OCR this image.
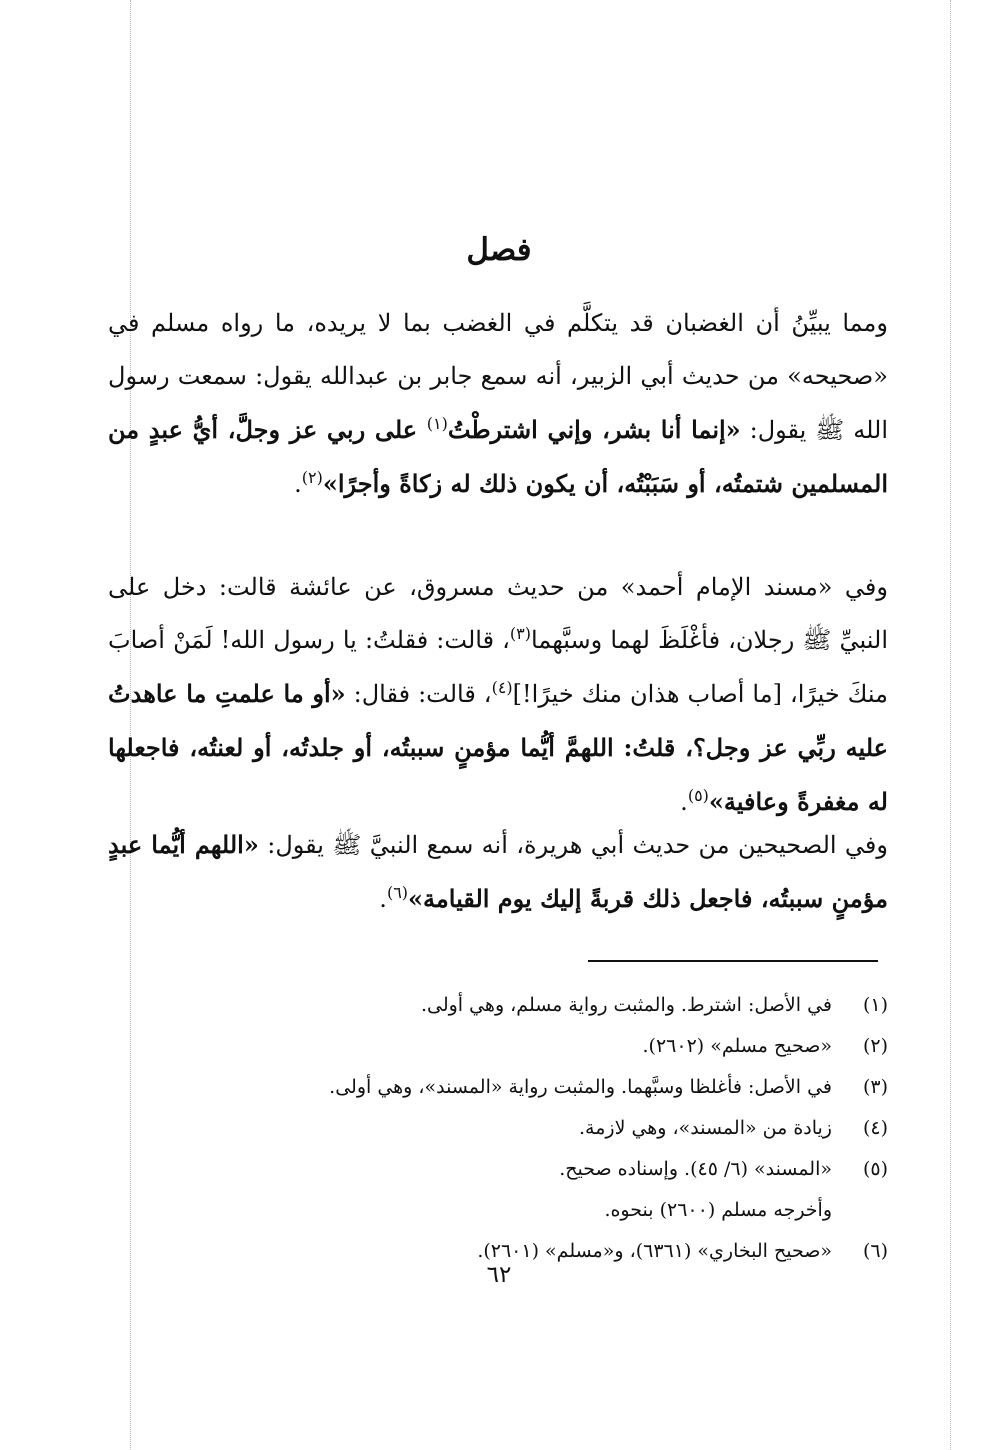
فصل

ومما يبيِّنُ أن الغضبان قد يتكلَّم في الغضب بما لا يريده، ما رواه مسلم في «صحيحه» من حديث أبي الزبير، أنه سمع جابر بن عبدالله يقول: سمعت رسول الله ﷺ يقول: «إنما أنا بشر، وإني اشترطْتُ$^{(١)}$ على ربي عز وجلَّ، أيُّ عبدٍ من المسلمين شتمتُه، أو سَبَبْتُه، أن يكون ذلك له زكاةً وأجرًا»$^{(٢)}$.

وفي «مسند الإمام أحمد» من حديث مسروق، عن عائشة قالت: دخل على النبيِّ ﷺ رجلان، فأغْلَظَ لهما وسبَّهما$^{(٣)}$، قالت: فقلتُ: يا رسول الله! لَمَنْ أصابَ منكَ خيرًا، [ما أصاب هذان منك خيرًا!]$^{(٤)}$، قالت: فقال: «أو ما علمتِ ما عاهدتُ عليه ربِّي عز وجل؟، قلتُ: اللهمَّ أيُّما مؤمنٍ سببتُه، أو جلدتُه، أو لعنتُه، فاجعلها له مغفرةً وعافية»$^{(٥)}$.

وفي الصحيحين من حديث أبي هريرة، أنه سمع النبيَّ ﷺ يقول: «اللهم أيُّما عبدٍ مؤمنٍ سببتُه، فاجعل ذلك قربةً إليك يوم القيامة»$^{(٦)}$.

(١)
في الأصل: اشترط. والمثبت رواية مسلم، وهي أولى.
(٢)
«صحيح مسلم» (٢٦٠٢).
(٣)
في الأصل: فأغلظا وسبَّهما. والمثبت رواية «المسند»، وهي أولى.
(٤)
زيادة من «المسند»، وهي لازمة.
(٥)
«المسند» (٦/ ٤٥). وإسناده صحيح.
وأخرجه مسلم (٢٦٠٠) بنحوه.
(٦)
«صحيح البخاري» (٦٣٦١)، و«مسلم» (٢٦٠١).
٦٢
